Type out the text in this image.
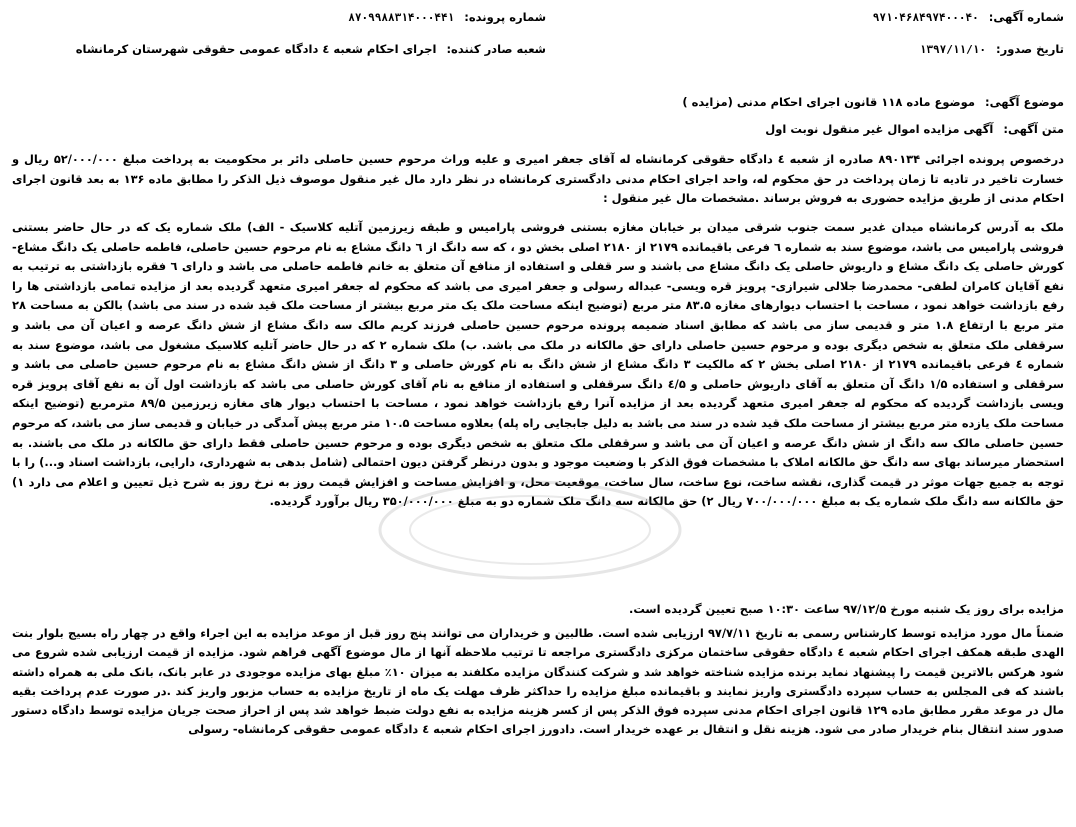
شماره آگهی: ۹۷۱۰۴۶۸۴۹۷۴۰۰۰۴۰
شماره پرونده: ۸۷۰۹۹۸۸۳۱۴۰۰۰۴۴۱
تاریخ صدور: ۱۳۹۷/۱۱/۱۰
شعبه صادر کننده: اجرای احکام شعبه ٤ دادگاه عمومی حقوقی شهرستان کرمانشاه
موضوع آگهی: موضوع ماده ۱۱۸ قانون اجرای احکام مدنی (مزایده )
متن آگهی: آگهی مزایده اموال غیر منقول نوبت اول
درخصوص پرونده اجرائی ۸۹۰۱۳۴ صادره از شعبه ٤ دادگاه حقوقی کرمانشاه له آقای جعفر امیری و علیه وراث مرحوم حسین حاصلی دائر بر محکومیت به پرداخت مبلغ ۵۲/۰۰۰/۰۰۰ ریال و خسارت تاخیر در تادیه تا زمان پرداخت در حق محکوم له، واحد اجرای احکام مدنی دادگستری کرمانشاه در نظر دارد مال غیر منقول موصوف ذیل الذکر را مطابق ماده ۱۳۶ به بعد قانون اجرای احکام مدنی از طریق مزایده حضوری به فروش برساند .مشخصات مال غیر منقول :
ملک به آدرس کرمانشاه میدان غدیر سمت جنوب شرقی میدان بر خیابان مغازه بستنی فروشی پارامیس و طبقه زیرزمین آتلیه کلاسیک - الف) ملک شماره یک که در حال حاضر بستنی فروشی پارامیس می باشد، موضوع سند به شماره ٦ فرعی باقیمانده ۲۱۷۹ از ۲۱۸۰ اصلی بخش دو ، که سه دانگ از ٦ دانگ مشاع به نام مرحوم حسین حاصلی، فاطمه حاصلی یک دانگ مشاع- کورش حاصلی یک دانگ مشاع و داریوش حاصلی یک دانگ مشاع می باشند و سر قفلی و استفاده از منافع آن متعلق به خانم فاطمه حاصلی می باشد و دارای ٦ فقره بازداشتی به ترتیب به نفع آقایان کامران لطفی- محمدرضا جلالی شیرازی- پرویز قره ویسی- عبداله رسولی و جعفر امیری می باشد که محکوم له جعفر امیری متعهد گردیده بعد از مزایده تمامی بازداشتی ها را رفع بازداشت خواهد نمود ، مساحت با احتساب دیوارهای مغازه ۸۳.۵ متر مربع (توضیح اینکه مساحت ملک یک متر مربع بیشتر از مساحت ملک قید شده در سند می باشد) بالکن به مساحت ۲۸ متر مربع با ارتفاع ۱.۸ متر و قدیمی ساز می باشد که مطابق اسناد ضمیمه پرونده مرحوم حسین حاصلی فرزند کریم مالک سه دانگ مشاع از شش دانگ عرصه و اعیان آن می باشد و سرقفلی ملک متعلق به شخص دیگری بوده و مرحوم حسین حاصلی دارای حق مالکانه در ملک می باشد. ب) ملک شماره ۲ که در حال حاضر آتلیه کلاسیک مشغول می باشد، موضوع سند به شماره ٤ فرعی باقیمانده ۲۱۷۹ از ۲۱۸۰ اصلی بخش ۲ که مالکیت ۳ دانگ مشاع از شش دانگ به نام کورش حاصلی و ۳ دانگ از شش دانگ مشاع به نام مرحوم حسین حاصلی می باشد و سرقفلی و استفاده ۱/۵ دانگ آن متعلق به آقای داریوش حاصلی و ٤/۵ دانگ سرقفلی و استفاده از منافع به نام آقای کورش حاصلی می باشد که بازداشت اول آن به نفع آقای پرویز قره ویسی بازداشت گردیده که محکوم له جعفر امیری متعهد گردیده بعد از مزایده آنرا رفع بازداشت خواهد نمود ، مساحت با احتساب دیوار های مغازه زیرزمین ۸۹/۵ مترمربع (توضیح اینکه مساحت ملک یازده متر مربع بیشتر از مساحت ملک قید شده در سند می باشد به دلیل جابجایی راه پله) بعلاوه مساحت ۱۰.۵ متر مربع پیش آمدگی در خیابان و قدیمی ساز می باشد، که مرحوم حسین حاصلی مالک سه دانگ از شش دانگ عرصه و اعیان آن می باشد و سرقفلی ملک متعلق به شخص دیگری بوده و مرحوم حسین حاصلی فقط دارای حق مالکانه در ملک می باشند. به استحضار میرساند بهای سه دانگ حق مالکانه املاک با مشخصات فوق الذکر با وضعیت موجود و بدون درنظر گرفتن دیون احتمالی (شامل بدهی به شهرداری، دارایی، بازداشت اسناد و...) را با توجه به جمیع جهات موثر در قیمت گذاری، نقشه ساخت، نوع ساخت، سال ساخت، موقعیت محل، و افزایش مساحت و افزایش قیمت روز به نرخ روز به شرح ذیل تعیین و اعلام می دارد ۱) حق مالکانه سه دانگ ملک شماره یک به مبلغ ۷۰۰/۰۰۰/۰۰۰ ریال ۲) حق مالکانه سه دانگ ملک شماره دو به مبلغ ۳۵۰/۰۰۰/۰۰۰ ریال برآورد گردیده.
مزایده برای روز یک شنبه مورخ ۹۷/۱۲/۵ ساعت ۱۰:۳۰ صبح تعیین گردیده است.
ضمناً مال مورد مزایده توسط کارشناس رسمی به تاریخ ۹۷/۷/۱۱ ارزیابی شده است. طالبین و خریداران می توانند پنج روز قبل از موعد مزایده به این اجراء واقع در چهار راه بسیج بلوار بنت الهدی طبقه همکف اجرای احکام شعبه ٤ دادگاه حقوقی ساختمان مرکزی دادگستری مراجعه تا ترتیب ملاحظه آنها از مال موضوع آگهی فراهم شود. مزایده از قیمت ارزیابی شده شروع می شود هرکس بالاترین قیمت را پیشنهاد نماید برنده مزایده شناخته خواهد شد و شرکت کنندگان مزایده مکلفند به میزان ۱۰٪ مبلغ بهای مزایده موجودی در عابر بانک، بانک ملی به همراه داشته باشند که فی المجلس به حساب سپرده دادگستری واریز نمایند و باقیمانده مبلغ مزایده را حداکثر ظرف مهلت یک ماه از تاریخ مزایده به حساب مزبور واریز کند .در صورت عدم پرداخت بقیه مال در موعد مقرر مطابق ماده ۱۲۹ قانون اجرای احکام مدنی سپرده فوق الذکر پس از کسر هزینه مزایده به نفع دولت ضبط خواهد شد پس از احراز صحت جریان مزایده توسط دادگاه دستور صدور سند انتقال بنام خریدار صادر می شود. هزینه نقل و انتقال بر عهده خریدار است. دادورز اجرای احکام شعبه ٤ دادگاه عمومی حقوقی کرمانشاه- رسولی
